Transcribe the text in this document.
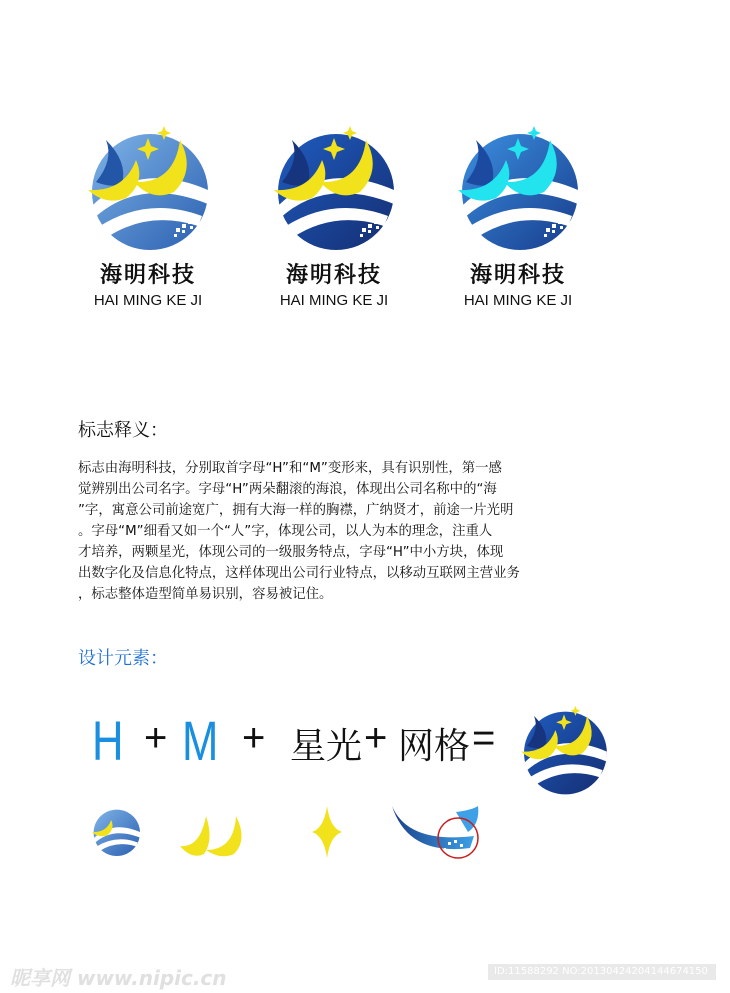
海明科技
HAI MING KE JI
海明科技
HAI MING KE JI
海明科技
HAI MING KE JI
标志释义：
标志由海明科技，分别取首字母“H”和“M”变形来，具有识别性，第一感
觉辨别出公司名字。字母“H”两朵翻滚的海浪，体现出公司名称中的“海
”字，寓意公司前途宽广，拥有大海一样的胸襟，广纳贤才，前途一片光明
。字母“M”细看又如一个“人”字，体现公司，以人为本的理念，注重人
才培养，两颗星光，体现公司的一级服务特点，字母“H”中小方块，体现
出数字化及信息化特点，这样体现出公司行业特点，以移动互联网主营业务
，标志整体造型简单易识别，容易被记住。
设计元素：
H + M + 星光 + 网格 =
昵享网 www.nipic.cn	ID:11588292 NO:20130424204144674150
